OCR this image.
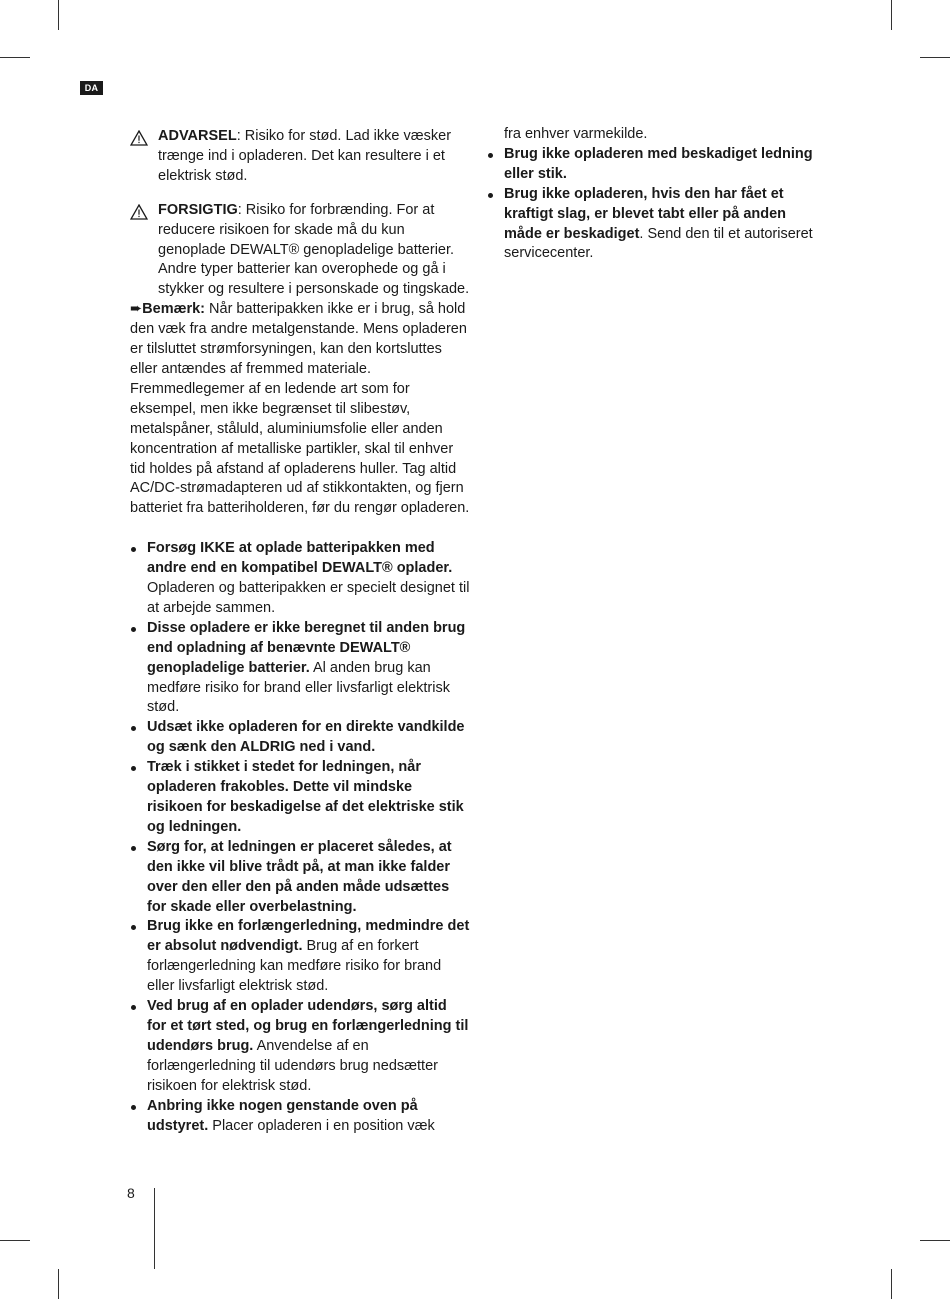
DA
ADVARSEL: Risiko for stød. Lad ikke væsker trænge ind i opladeren. Det kan resultere i et elektrisk stød.
FORSIGTIG: Risiko for forbrænding. For at reducere risikoen for skade må du kun genoplade DEWALT® genopladelige batterier. Andre typer batterier kan overophede og gå i stykker og resultere i personskade og tingskade.

➨Bemærk: Når batteripakken ikke er i brug, så hold den væk fra andre metalgenstande. Mens opladeren er tilsluttet strømforsyningen, kan den kortsluttes eller antændes af fremmed materiale. Fremmedlegemer af en ledende art som for eksempel, men ikke begrænset til slibestøv, metalspåner, ståluld, aluminiumsfolie eller anden koncentration af metalliske partikler, skal til enhver tid holdes på afstand af opladerens huller. Tag altid AC/DC-strømadapteren ud af stikkontakten, og fjern batteriet fra batteriholderen, før du rengør opladeren.

Forsøg IKKE at oplade batteripakken med andre end en kompatibel DEWALT® oplader. Opladeren og batteripakken er specielt designet til at arbejde sammen.
Disse opladere er ikke beregnet til anden brug end opladning af benævnte DEWALT® genopladelige batterier. Al anden brug kan medføre risiko for brand eller livsfarligt elektrisk stød.
Udsæt ikke opladeren for en direkte vandkilde og sænk den ALDRIG ned i vand.
Træk i stikket i stedet for ledningen, når opladeren frakobles. Dette vil mindske risikoen for beskadigelse af det elektriske stik og ledningen.
Sørg for, at ledningen er placeret således, at den ikke vil blive trådt på, at man ikke falder over den eller den på anden måde udsættes for skade eller overbelastning.
Brug ikke en forlængerledning, medmindre det er absolut nødvendigt. Brug af en forkert forlængerledning kan medføre risiko for brand eller livsfarligt elektrisk stød.
Ved brug af en oplader udendørs, sørg altid for et tørt sted, og brug en forlængerledning til udendørs brug. Anvendelse af en forlængerledning til udendørs brug nedsætter risikoen for elektrisk stød.
Anbring ikke nogen genstande oven på udstyret. Placer opladeren i en position væk
fra enhver varmekilde.
Brug ikke opladeren med beskadiget ledning eller stik.
Brug ikke opladeren, hvis den har fået et kraftigt slag, er blevet tabt eller på anden måde er beskadiget. Send den til et autoriseret servicecenter.
8
